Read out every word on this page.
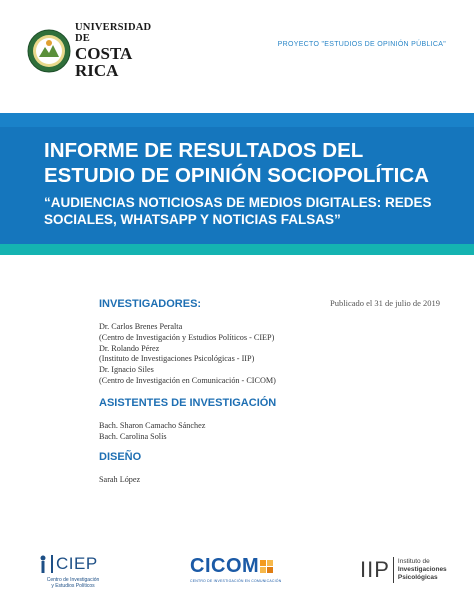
UNIVERSIDAD DE
COSTA RICA
PROYECTO "ESTUDIOS DE OPINIÓN PÚBLICA"
INFORME DE RESULTADOS DEL
ESTUDIO DE OPINIÓN SOCIOPOLÍTICA
“AUDIENCIAS NOTICIOSAS DE MEDIOS DIGITALES: REDES
SOCIALES, WHATSAPP Y NOTICIAS FALSAS”
Publicado el 31 de julio de 2019
INVESTIGADORES:
Dr. Carlos Brenes Peralta
(Centro de Investigación y Estudios Políticos - CIEP)
Dr. Rolando Pérez
(Instituto de Investigaciones Psicológicas - IIP)
Dr. Ignacio Siles
(Centro de Investigación en Comunicación - CICOM)
ASISTENTES DE INVESTIGACIÓN
Bach. Sharon Camacho Sánchez
Bach. Carolina Solís
DISEÑO
Sarah López
CIEP
Centro de Investigación
y Estudios Políticos
CICOM
CENTRO DE INVESTIGACIÓN EN COMUNICACIÓN	IIP Instituto de
Investigaciones
Psicológicas
